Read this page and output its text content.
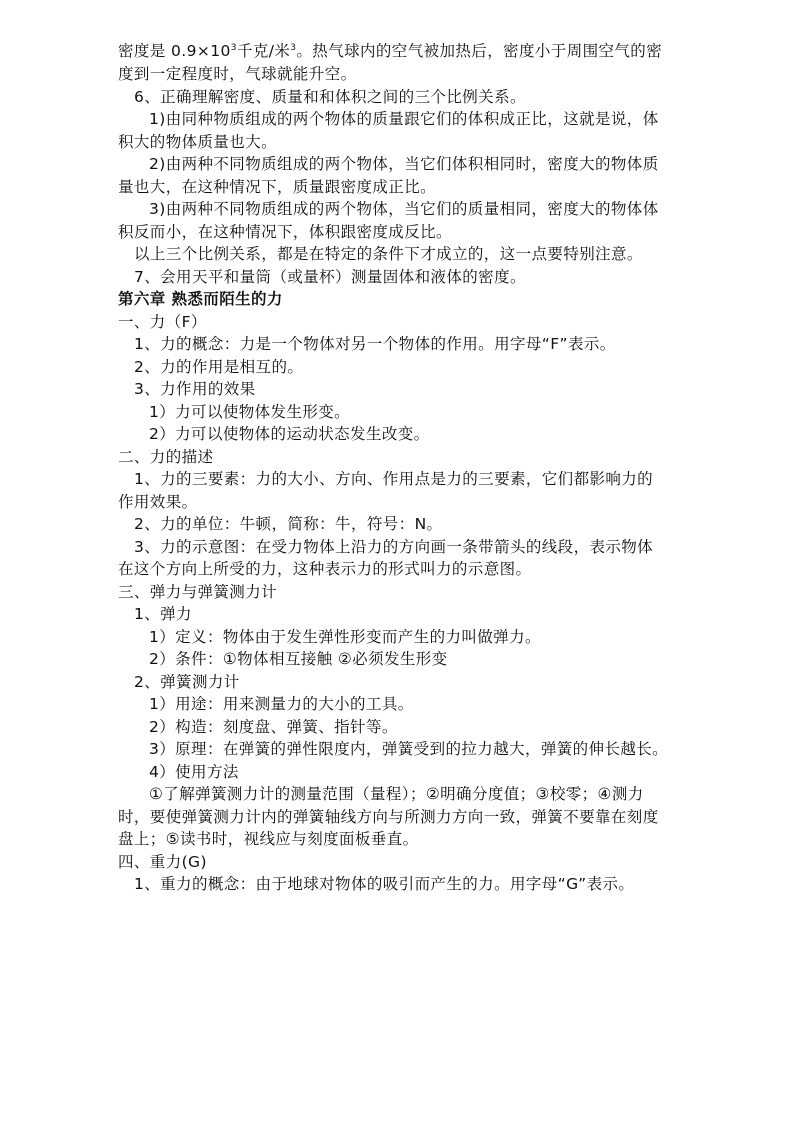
密度是 $0.9\times 10^3$千克/米$^3$。热气球内的空气被加热后，密度小于周围空气的密
度到一定程度时，气球就能升空。
6、正确理解密度、质量和和体积之间的三个比例关系。
1)由同种物质组成的两个物体的质量跟它们的体积成正比，这就是说，体
积大的物体质量也大。
2)由两种不同物质组成的两个物体，当它们体积相同时，密度大的物体质
量也大，在这种情况下，质量跟密度成正比。
3)由两种不同物质组成的两个物体，当它们的质量相同，密度大的物体体
积反而小，在这种情况下，体积跟密度成反比。
以上三个比例关系，都是在特定的条件下才成立的，这一点要特别注意。
7、会用天平和量筒（或量杯）测量固体和液体的密度。
第六章 熟悉而陌生的力
一、力（F）
1、力的概念：力是一个物体对另一个物体的作用。用字母“F”表示。
2、力的作用是相互的。
3、力作用的效果
1）力可以使物体发生形变。
2）力可以使物体的运动状态发生改变。
二、力的描述
1、力的三要素：力的大小、方向、作用点是力的三要素，它们都影响力的
作用效果。
2、力的单位：牛顿，简称：牛，符号：N。
3、力的示意图：在受力物体上沿力的方向画一条带箭头的线段，表示物体
在这个方向上所受的力，这种表示力的形式叫力的示意图。
三、弹力与弹簧测力计
1、弹力
1）定义：物体由于发生弹性形变而产生的力叫做弹力。
2）条件：①物体相互接触 ②必须发生形变
2、弹簧测力计
1）用途：用来测量力的大小的工具。
2）构造：刻度盘、弹簧、指针等。
3）原理：在弹簧的弹性限度内，弹簧受到的拉力越大，弹簧的伸长越长。
4）使用方法
①了解弹簧测力计的测量范围（量程）；②明确分度值；③校零；④测力
时，要使弹簧测力计内的弹簧轴线方向与所测力方向一致，弹簧不要靠在刻度
盘上；⑤读书时，视线应与刻度面板垂直。
四、重力(G)
1、重力的概念：由于地球对物体的吸引而产生的力。用字母“G”表示。
